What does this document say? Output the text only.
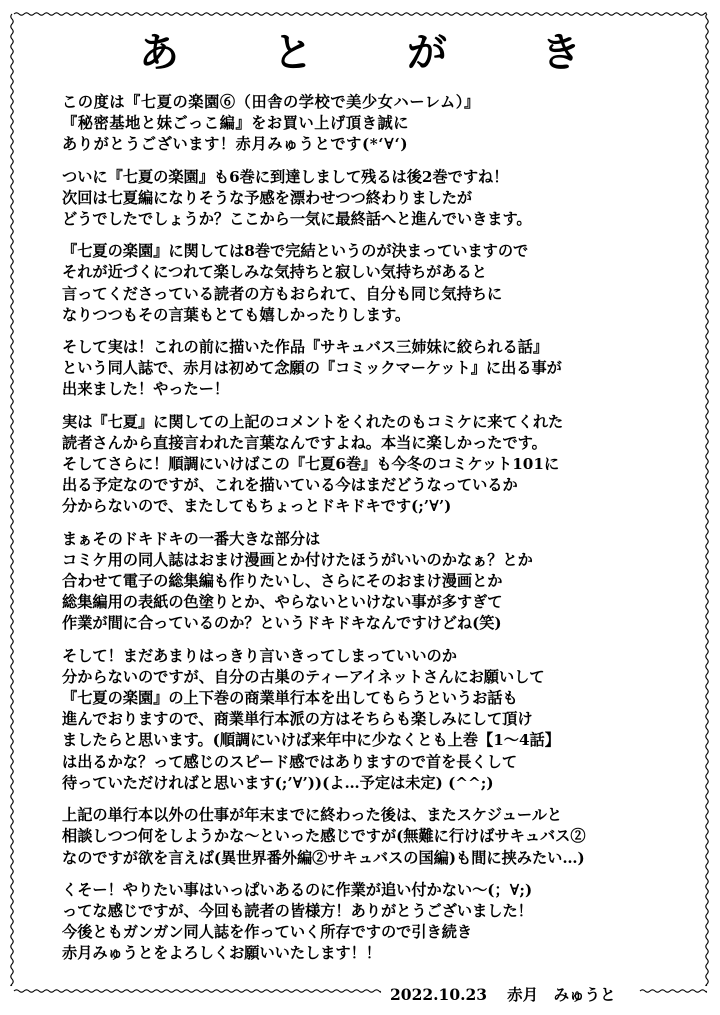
あ と が き
この度は『七夏の楽園⑥（田舎の学校で美少女ハーレム）』
『秘密基地と妹ごっこ編』をお買い上げ頂き誠に
ありがとうございます！赤月みゅうとです(*‘∀‘)
ついに『七夏の楽園』も6巻に到達しまして残るは後2巻ですね！
次回は七夏編になりそうな予感を漂わせつつ終わりましたが
どうでしたでしょうか？ここから一気に最終話へと進んでいきます。
『七夏の楽園』に関しては8巻で完結というのが決まっていますので
それが近づくにつれて楽しみな気持ちと寂しい気持ちがあると
言ってくださっている読者の方もおられて、自分も同じ気持ちに
なりつつもその言葉もとても嬉しかったりします。
そして実は！これの前に描いた作品『サキュバス三姉妹に絞られる話』
という同人誌で、赤月は初めて念願の『コミックマーケット』に出る事が
出来ました！やったー！
実は『七夏』に関しての上記のコメントをくれたのもコミケに来てくれた
読者さんから直接言われた言葉なんですよね。本当に楽しかったです。
そしてさらに！順調にいけばこの『七夏6巻』も今冬のコミケット101に
出る予定なのですが、これを描いている今はまだどうなっているか
分からないので、またしてもちょっとドキドキです(;’∀’)
まぁそのドキドキの一番大きな部分は
コミケ用の同人誌はおまけ漫画とか付けたほうがいいのかなぁ？とか
合わせて電子の総集編も作りたいし、さらにそのおまけ漫画とか
総集編用の表紙の色塗りとか、やらないといけない事が多すぎて
作業が間に合っているのか？というドキドキなんですけどね(笑)
そして！まだあまりはっきり言いきってしまっていいのか
分からないのですが、自分の古巣のティーアイネットさんにお願いして
『七夏の楽園』の上下巻の商業単行本を出してもらうというお話も
進んでおりますので、商業単行本派の方はそちらも楽しみにして頂け
ましたらと思います。(順調にいけば来年中に少なくとも上巻【1～4話】
は出るかな？って感じのスピード感ではありますので首を長くして
待っていただければと思います(;’∀’))(よ…予定は未定) (^^;)
上記の単行本以外の仕事が年末までに終わった後は、またスケジュールと
相談しつつ何をしようかな～といった感じですが(無難に行けばサキュバス②
なのですが欲を言えば(異世界番外編②サキュバスの国編)も間に挟みたい…)
くそー！やりたい事はいっぱいあるのに作業が追い付かない～(；∀;)
ってな感じですが、今回も読者の皆様方！ありがとうございました！
今後ともガンガン同人誌を作っていく所存ですので引き続き
赤月みゅうとをよろしくお願いいたします！！
2022.10.23 赤月　みゅうと
